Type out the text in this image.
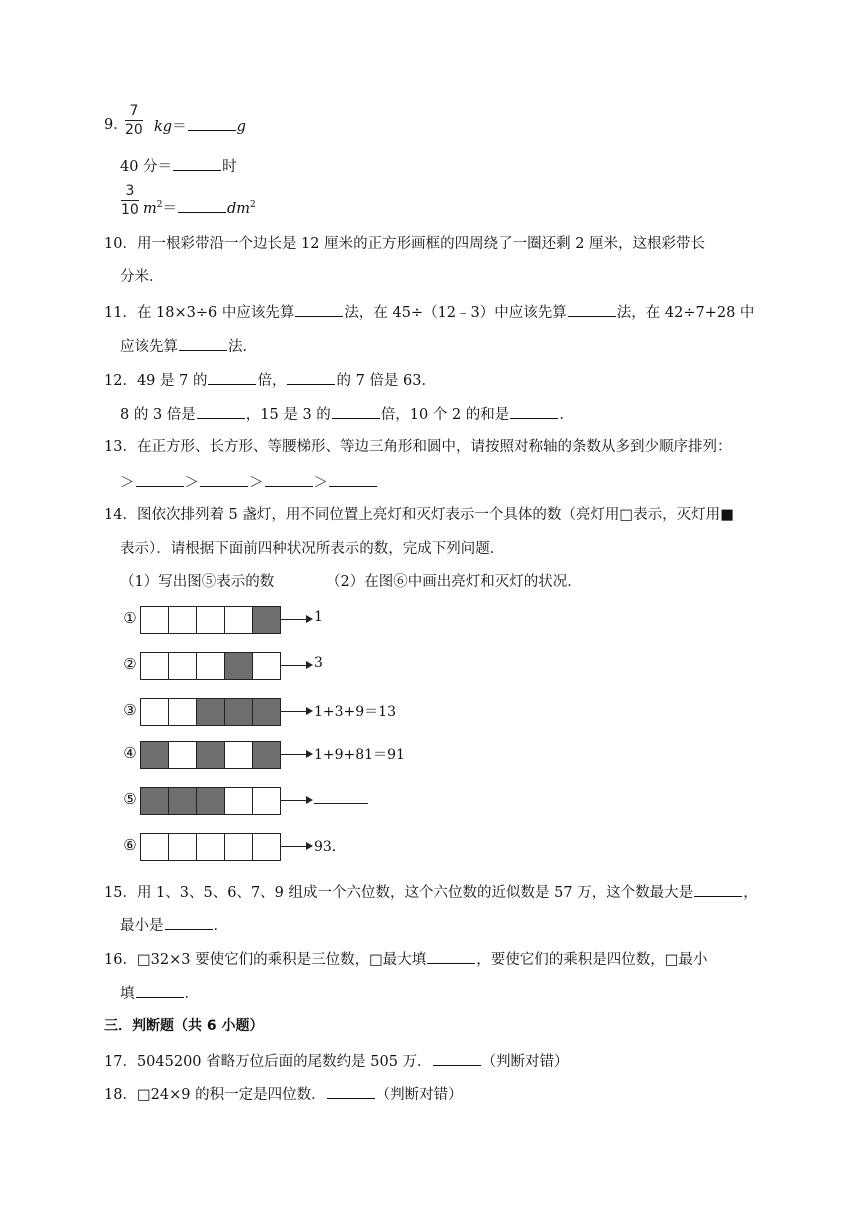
9．
7
20 kg＝	g
40 分＝	时
3
10 $m^2=$	$dm^2$
10．用一根彩带沿一个边长是 12 厘米的正方形画框的四周绕了一圈还剩 2 厘米，这根彩带长
分米．
11．在 18×3÷6 中应该先算	法，在 45÷（12﹣3）中应该先算	法，在 42÷7+28 中
应该先算	法．
12．49 是 7 的	倍，	的 7 倍是 63．
8 的 3 倍是	，15 是 3 的	倍，10 个 2 的和是	．
13．在正方形、长方形、等腰梯形、等边三角形和圆中，请按照对称轴的条数从多到少顺序排列：
＞	＞	＞	＞
14．图依次排列着 5 盏灯，用不同位置上亮灯和灭灯表示一个具体的数（亮灯用□表示，灭灯用■
表示）．请根据下面前四种状况所表示的数，完成下列问题．
（1）写出图⑤表示的数	（2）在图⑥中画出亮灯和灭灯的状况．
①	1
②	3
③	1+3+9＝13
④	1+9+81＝91
⑤
⑥	93．
15．用 1、3、5、6、7、9 组成一个六位数，这个六位数的近似数是 57 万，这个数最大是	，
最小是	．
16．□32×3 要使它们的乘积是三位数，□最大填	，要使它们的乘积是四位数，□最小
填	．
三．判断题（共 6 小题）
17．5045200 省略万位后面的尾数约是 505 万．	（判断对错）
18．□24×9 的积一定是四位数．	（判断对错）
